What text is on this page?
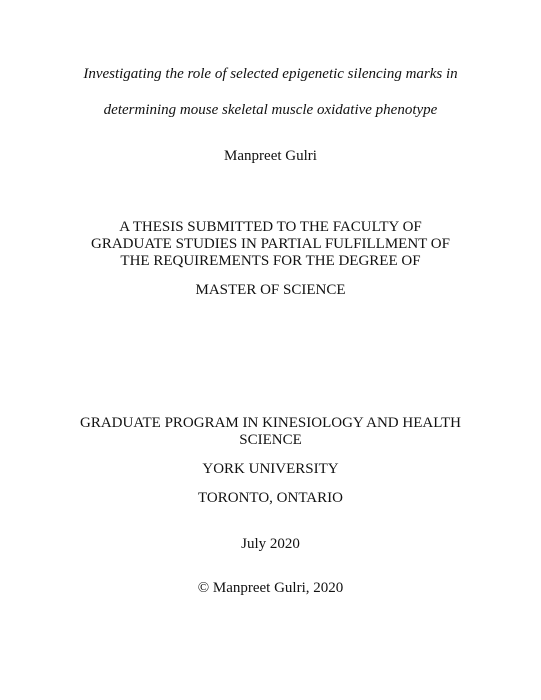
Investigating the role of selected epigenetic silencing marks in
determining mouse skeletal muscle oxidative phenotype
Manpreet Gulri
A THESIS SUBMITTED TO THE FACULTY OF
GRADUATE STUDIES IN PARTIAL FULFILLMENT OF
THE REQUIREMENTS FOR THE DEGREE OF
MASTER OF SCIENCE
GRADUATE PROGRAM IN KINESIOLOGY AND HEALTH
SCIENCE
YORK UNIVERSITY
TORONTO, ONTARIO
July 2020
© Manpreet Gulri, 2020
